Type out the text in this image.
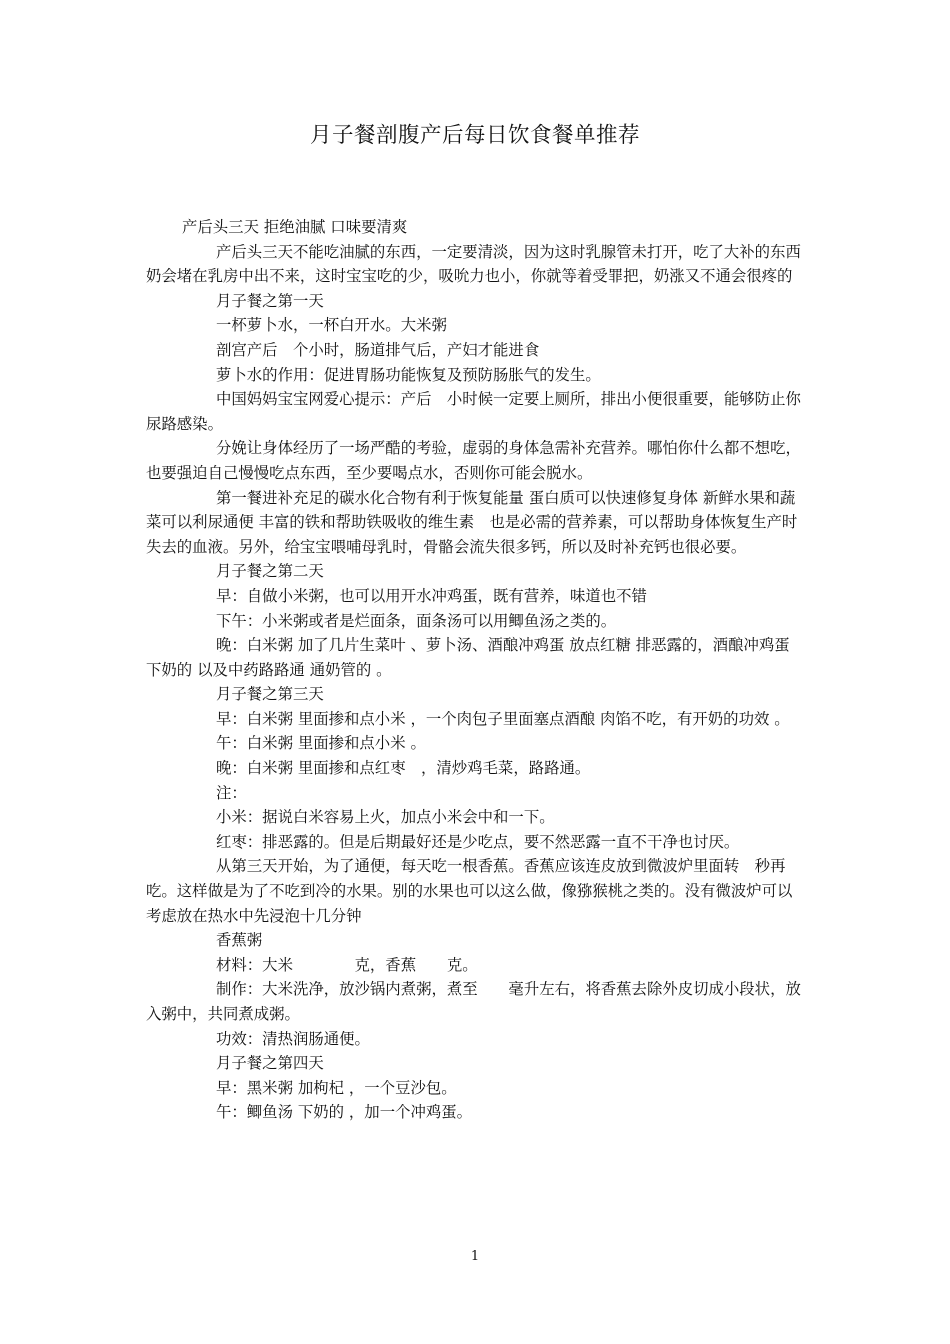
月子餐剖腹产后每日饮食餐单推荐

产后头三天 拒绝油腻 口味要清爽

产后头三天不能吃油腻的东西，一定要清淡，因为这时乳腺管未打开，吃了大补的东西奶会堵在乳房中出不来，这时宝宝吃的少，吸吮力也小，你就等着受罪把，奶涨又不通会很疼的

月子餐之第一天

一杯萝卜水，一杯白开水。大米粥

剖宫产后　个小时，肠道排气后，产妇才能进食

萝卜水的作用：促进胃肠功能恢复及预防肠胀气的发生。

中国妈妈宝宝网爱心提示：产后　小时候一定要上厕所，排出小便很重要，能够防止你尿路感染。

分娩让身体经历了一场严酷的考验，虚弱的身体急需补充营养。哪怕你什么都不想吃，也要强迫自己慢慢吃点东西，至少要喝点水，否则你可能会脱水。

第一餐进补充足的碳水化合物有利于恢复能量 蛋白质可以快速修复身体 新鲜水果和蔬菜可以利尿通便 丰富的铁和帮助铁吸收的维生素　也是必需的营养素，可以帮助身体恢复生产时失去的血液。另外，给宝宝喂哺母乳时，骨骼会流失很多钙，所以及时补充钙也很必要。

月子餐之第二天

早：自做小米粥，也可以用开水冲鸡蛋，既有营养，味道也不错

下午：小米粥或者是烂面条，面条汤可以用鲫鱼汤之类的。

晚：白米粥 加了几片生菜叶 、萝卜汤、酒酿冲鸡蛋 放点红糖 排恶露的，酒酿冲鸡蛋 下奶的 以及中药路路通 通奶管的 。

月子餐之第三天

早：白米粥 里面掺和点小米 ，一个肉包子里面塞点酒酿 肉馅不吃，有开奶的功效 。

午：白米粥 里面掺和点小米 。

晚：白米粥 里面掺和点红枣　，清炒鸡毛菜，路路通。

注：

小米：据说白米容易上火，加点小米会中和一下。

红枣：排恶露的。但是后期最好还是少吃点，要不然恶露一直不干净也讨厌。

从第三天开始，为了通便，每天吃一根香蕉。香蕉应该连皮放到微波炉里面转　秒再吃。这样做是为了不吃到冷的水果。别的水果也可以这么做，像猕猴桃之类的。没有微波炉可以考虑放在热水中先浸泡十几分钟

香蕉粥

材料：大米　　　　克，香蕉　　克。

制作：大米洗净，放沙锅内煮粥，煮至　　毫升左右，将香蕉去除外皮切成小段状，放入粥中，共同煮成粥。

功效：清热润肠通便。

月子餐之第四天

早：黑米粥 加枸杞 ，一个豆沙包。

午：鲫鱼汤 下奶的 ，加一个冲鸡蛋。

1
